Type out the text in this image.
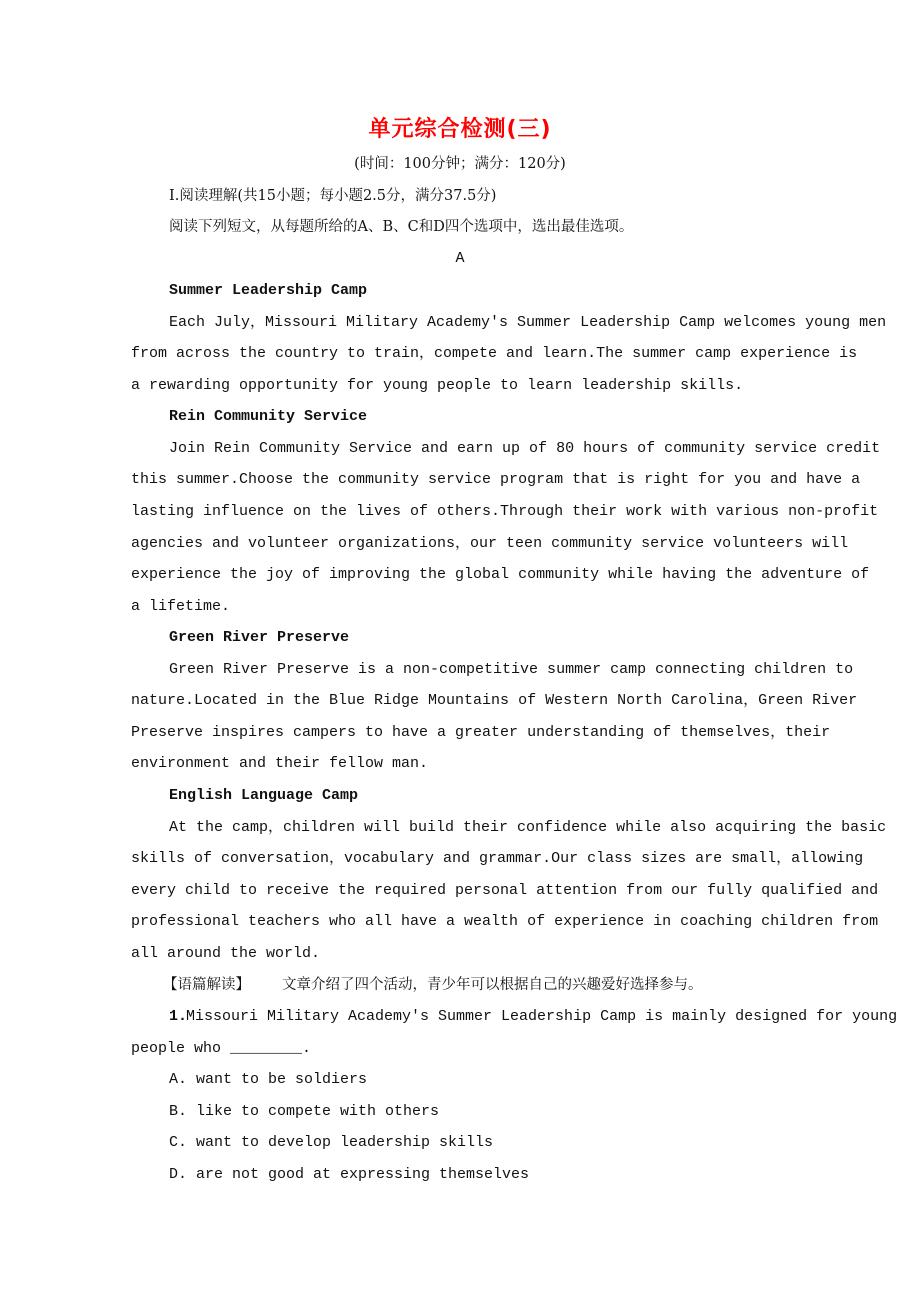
单元综合检测(三)
(时间：100分钟；满分：120分)
Ⅰ.阅读理解(共15小题；每小题2.5分，满分37.5分)
阅读下列短文，从每题所给的A、B、C和D四个选项中，选出最佳选项。
A
Summer Leadership Camp
Each July，Missouri Military Academy's Summer Leadership Camp welcomes young men
from across the country to train，compete and learn.The summer camp experience is
a rewarding opportunity for young people to learn leadership skills.
Rein Community Service
Join Rein Community Service and earn up of 80 hours of community service credit
this summer.Choose the community service program that is right for you and have a
lasting influence on the lives of others.Through their work with various non-profit
agencies and volunteer organizations，our teen community service volunteers will
experience the joy of improving the global community while having the adventure of
a lifetime.
Green River Preserve
Green River Preserve is a non-competitive summer camp connecting children to
nature.Located in the Blue Ridge Mountains of Western North Carolina，Green River
Preserve inspires campers to have a greater understanding of themselves，their
environment and their fellow man.
English Language Camp
At the camp，children will build their confidence while also acquiring the basic
skills of conversation，vocabulary and grammar.Our class sizes are small，allowing
every child to receive the required personal attention from our fully qualified and
professional teachers who all have a wealth of experience in coaching children from
all around the world.
【语篇解读】 文章介绍了四个活动，青少年可以根据自己的兴趣爱好选择参与。
1.
Missouri Military Academy's Summer Leadership Camp is mainly designed for young
people who ________.
A. want to be soldiers
B. like to compete with others
C. want to develop leadership skills
D. are not good at expressing themselves
